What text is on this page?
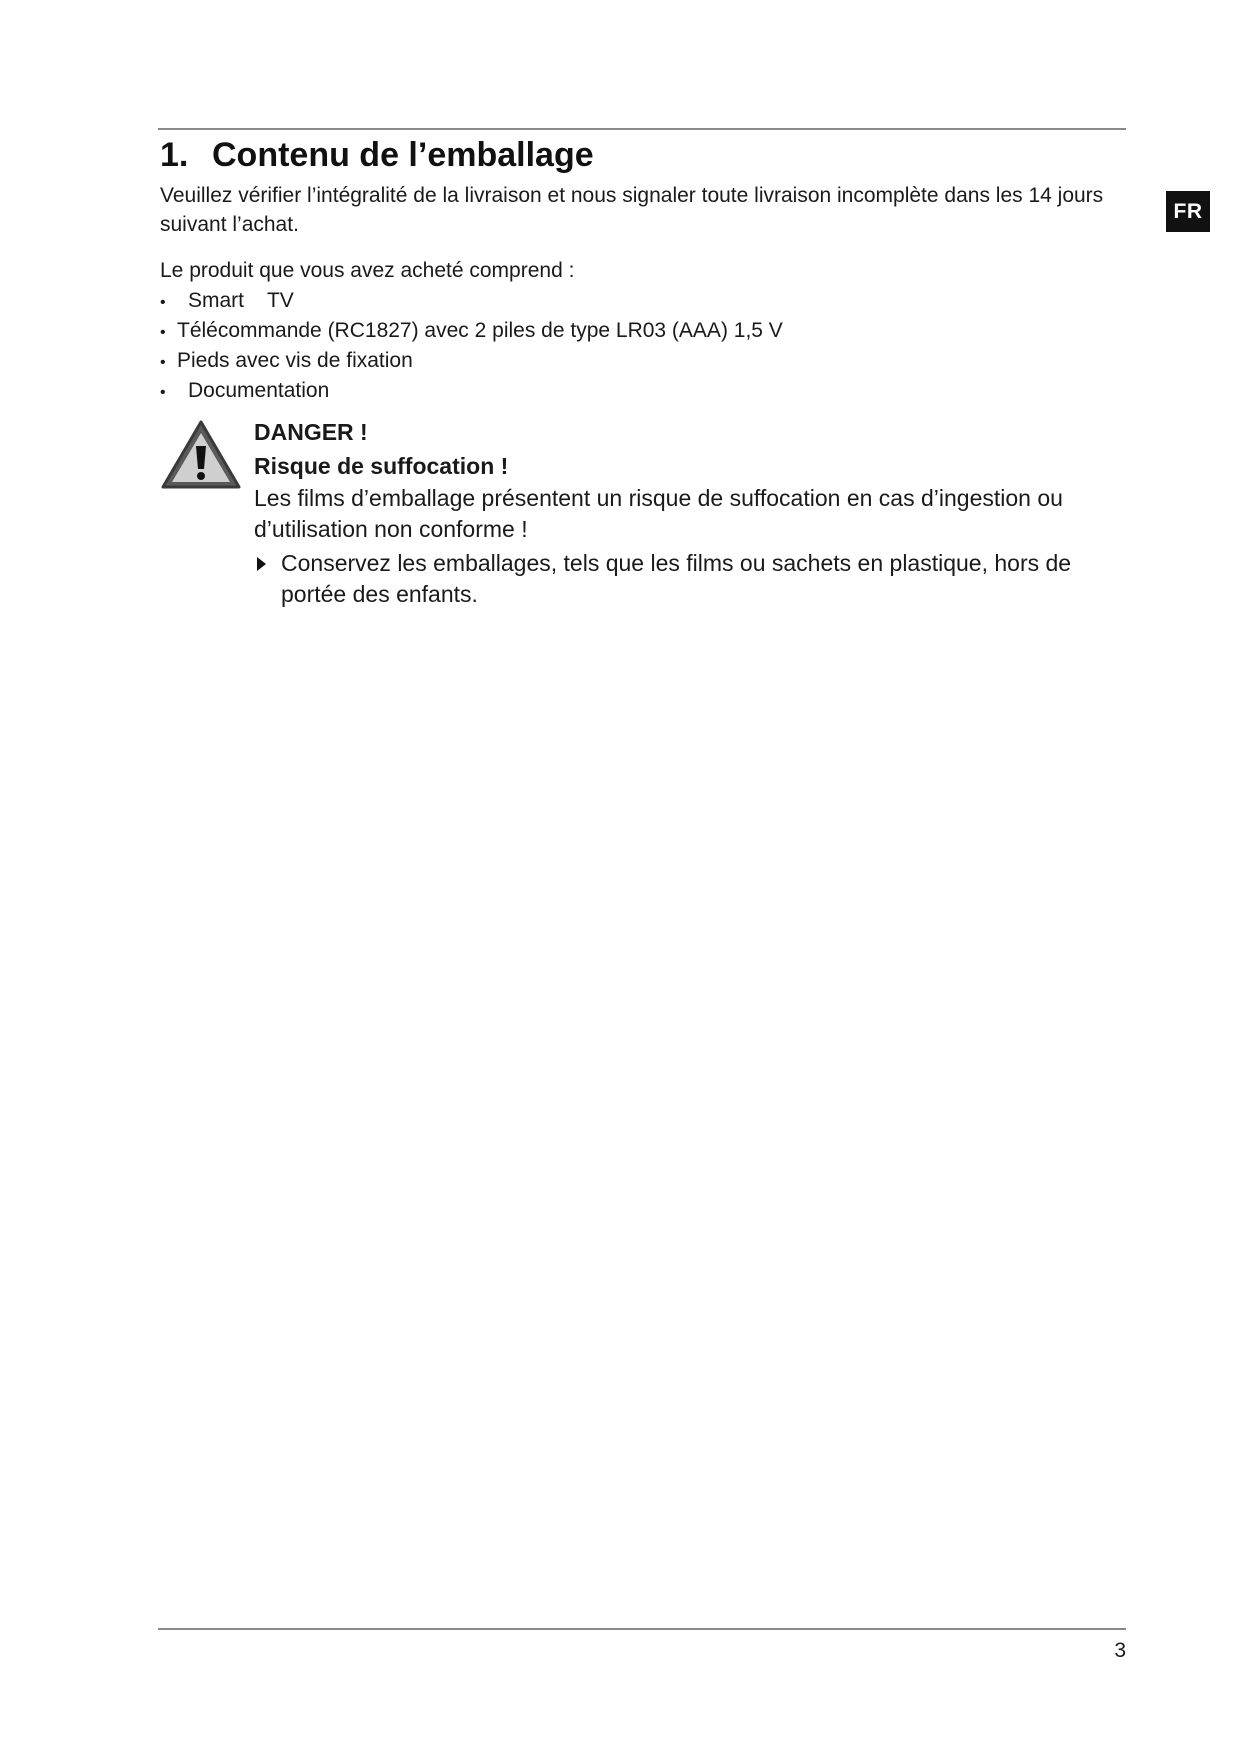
FR
1. Contenu de l’emballage

Veuillez vérifier l’intégralité de la livraison et nous signaler toute livraison incomplète dans les 14 jours suivant l’achat.

Le produit que vous avez acheté comprend :

• Smart    TV
• Télécommande (RC1827) avec 2 piles de type LR03 (AAA) 1,5 V
• Pieds avec vis de fixation
• Documentation

DANGER !

Risque de suffocation !

Les films d’emballage présentent un risque de suffocation en cas d’ingestion ou d’utilisation non conforme !

Conservez les emballages, tels que les films ou sachets en plastique, hors de portée des enfants.

3
